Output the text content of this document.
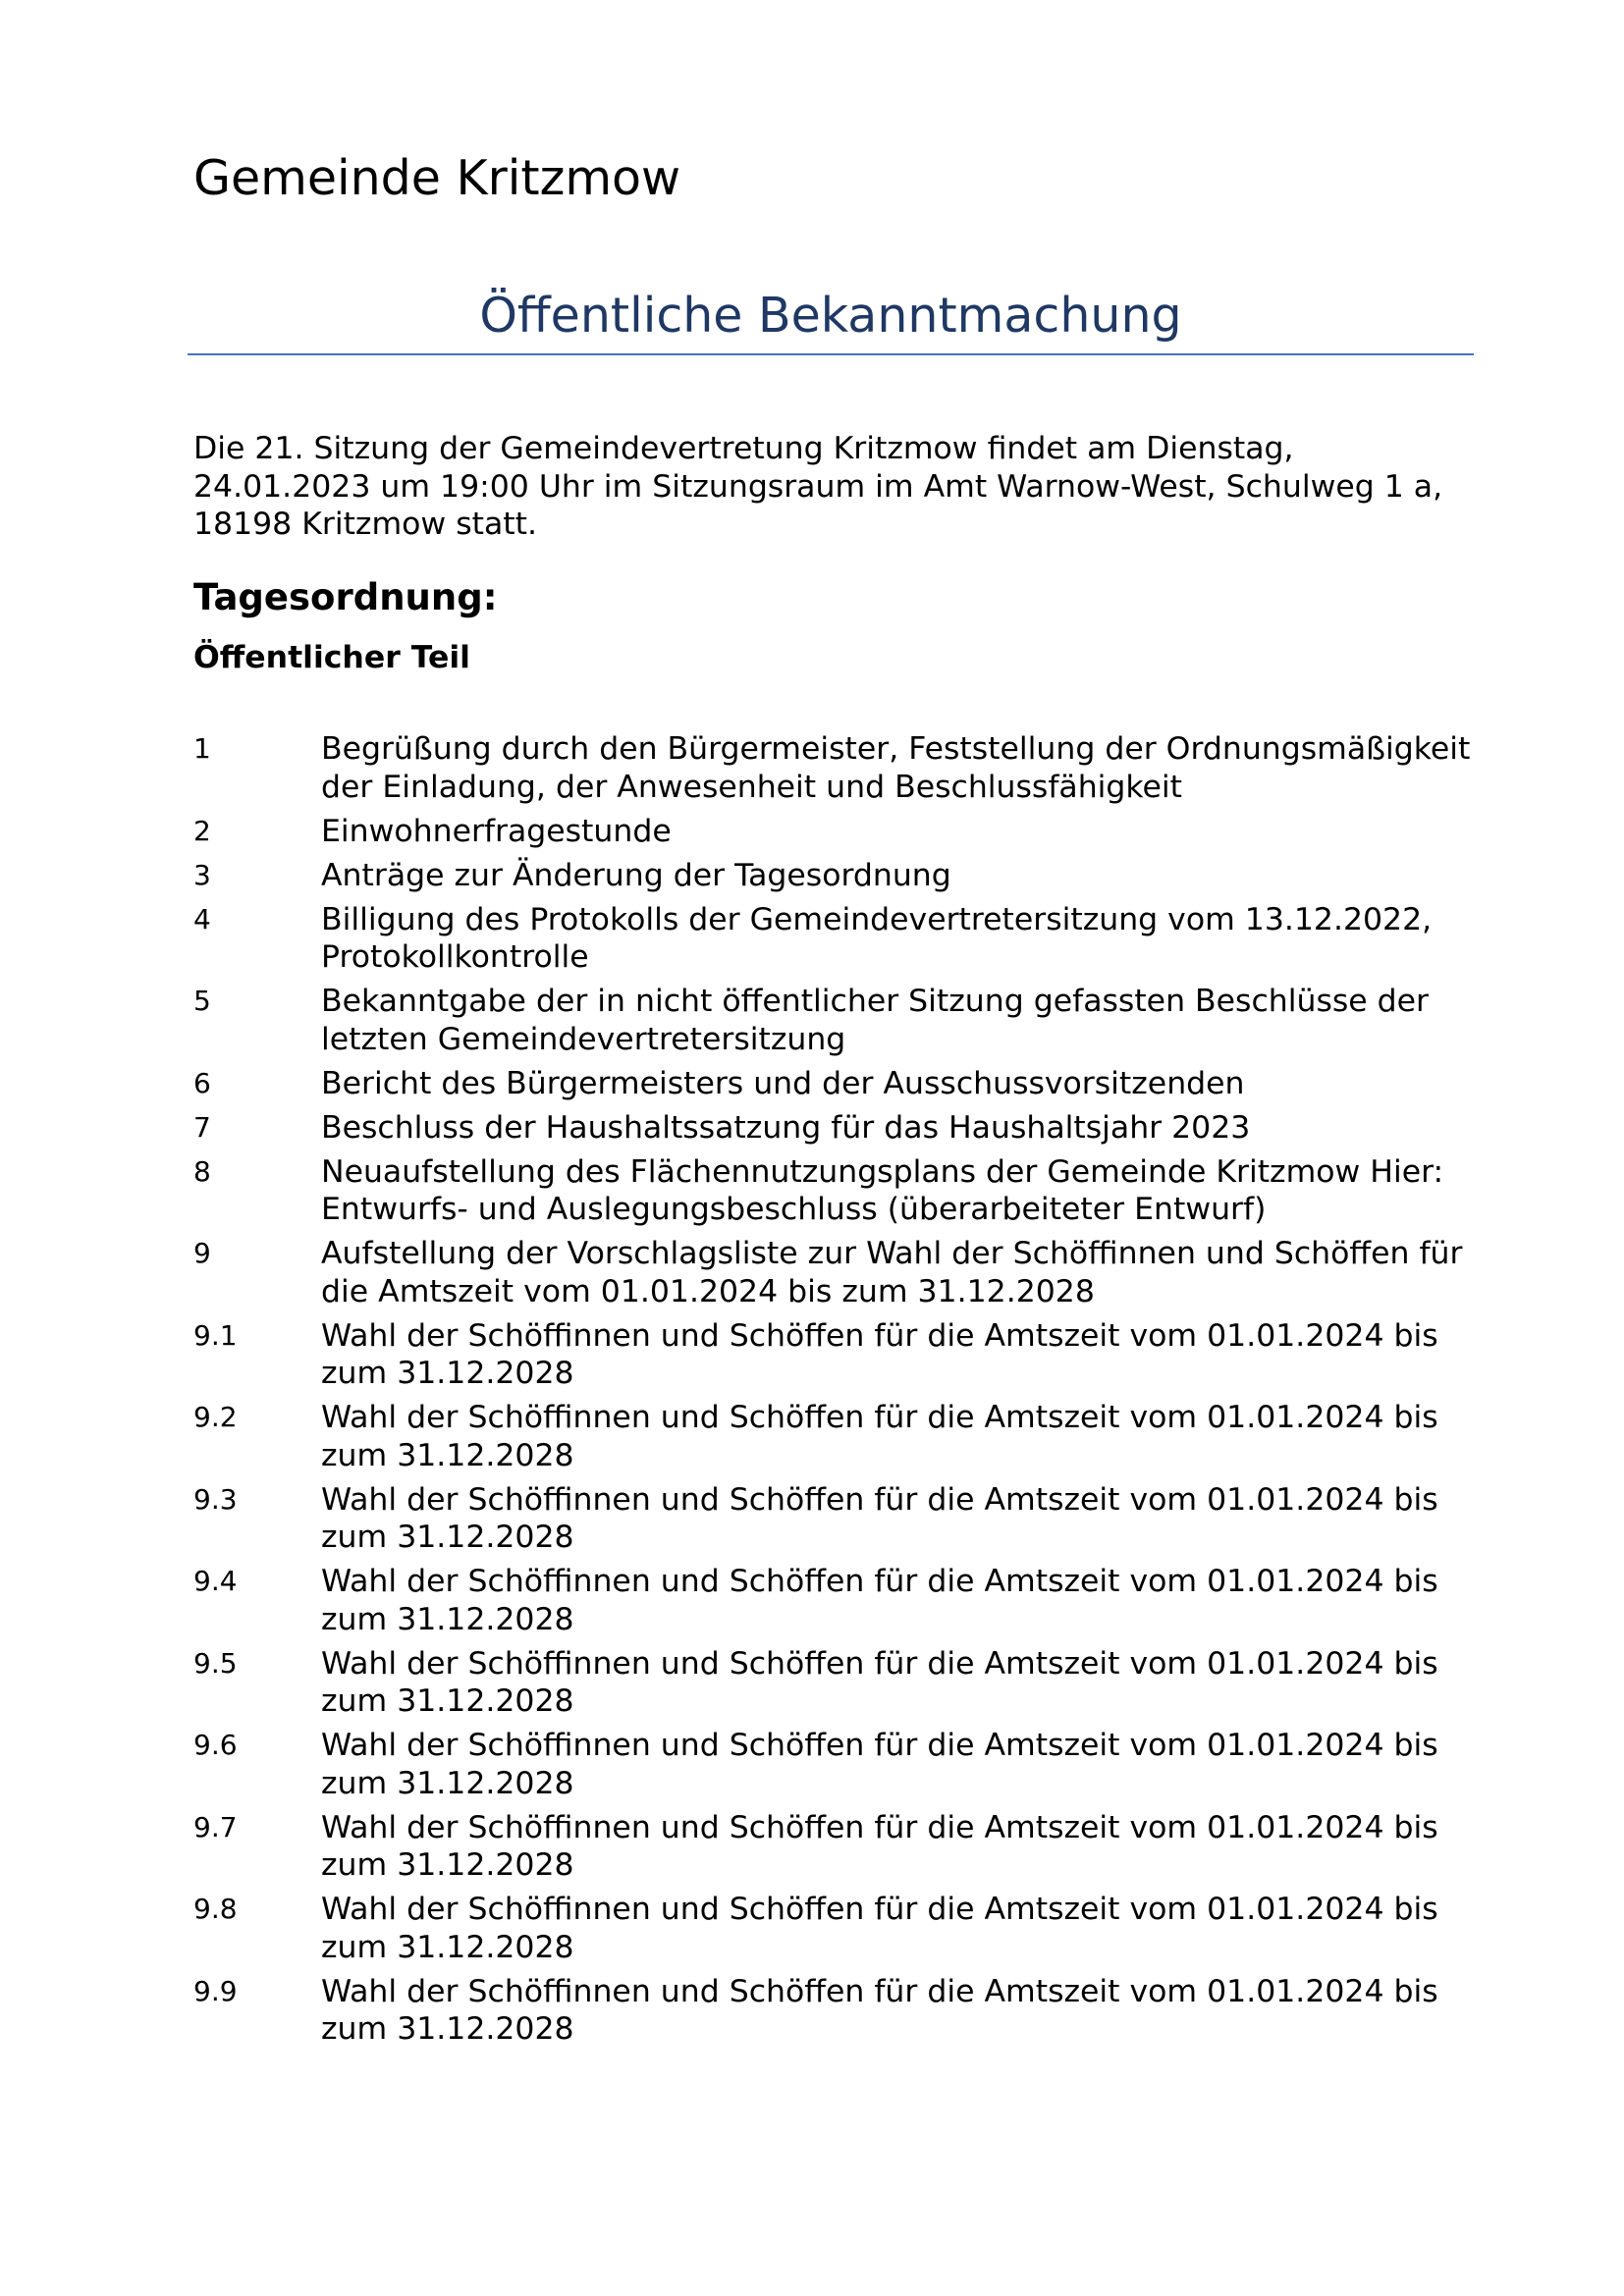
Gemeinde Kritzmow
Öffentliche Bekanntmachung

Die 21. Sitzung der Gemeindevertretung Kritzmow findet am Dienstag, 24.01.2023 um 19:00 Uhr im Sitzungsraum im Amt Warnow-West, Schulweg 1 a, 18198 Kritzmow statt.

Tagesordnung:
Öffentlicher Teil
1	Begrüßung durch den Bürgermeister, Feststellung der Ordnungsmäßigkeit der Einladung, der Anwesenheit und Beschlussfähigkeit
2	Einwohnerfragestunde
3	Anträge zur Änderung der Tagesordnung
4	Billigung des Protokolls der Gemeindevertretersitzung vom 13.12.2022, Protokollkontrolle
5	Bekanntgabe der in nicht öffentlicher Sitzung gefassten Beschlüsse der letzten Gemeindevertretersitzung
6	Bericht des Bürgermeisters und der Ausschussvorsitzenden
7	Beschluss der Haushaltssatzung für das Haushaltsjahr 2023
8	Neuaufstellung des Flächennutzungsplans der Gemeinde Kritzmow Hier: Entwurfs- und Auslegungsbeschluss (überarbeiteter Entwurf)
9	Aufstellung der Vorschlagsliste zur Wahl der Schöffinnen und Schöffen für die Amtszeit vom 01.01.2024 bis zum 31.12.2028
9.1	Wahl der Schöffinnen und Schöffen für die Amtszeit vom 01.01.2024 bis zum 31.12.2028
9.2	Wahl der Schöffinnen und Schöffen für die Amtszeit vom 01.01.2024 bis zum 31.12.2028
9.3	Wahl der Schöffinnen und Schöffen für die Amtszeit vom 01.01.2024 bis zum 31.12.2028
9.4	Wahl der Schöffinnen und Schöffen für die Amtszeit vom 01.01.2024 bis zum 31.12.2028
9.5	Wahl der Schöffinnen und Schöffen für die Amtszeit vom 01.01.2024 bis zum 31.12.2028
9.6	Wahl der Schöffinnen und Schöffen für die Amtszeit vom 01.01.2024 bis zum 31.12.2028
9.7	Wahl der Schöffinnen und Schöffen für die Amtszeit vom 01.01.2024 bis zum 31.12.2028
9.8	Wahl der Schöffinnen und Schöffen für die Amtszeit vom 01.01.2024 bis zum 31.12.2028
9.9	Wahl der Schöffinnen und Schöffen für die Amtszeit vom 01.01.2024 bis zum 31.12.2028
